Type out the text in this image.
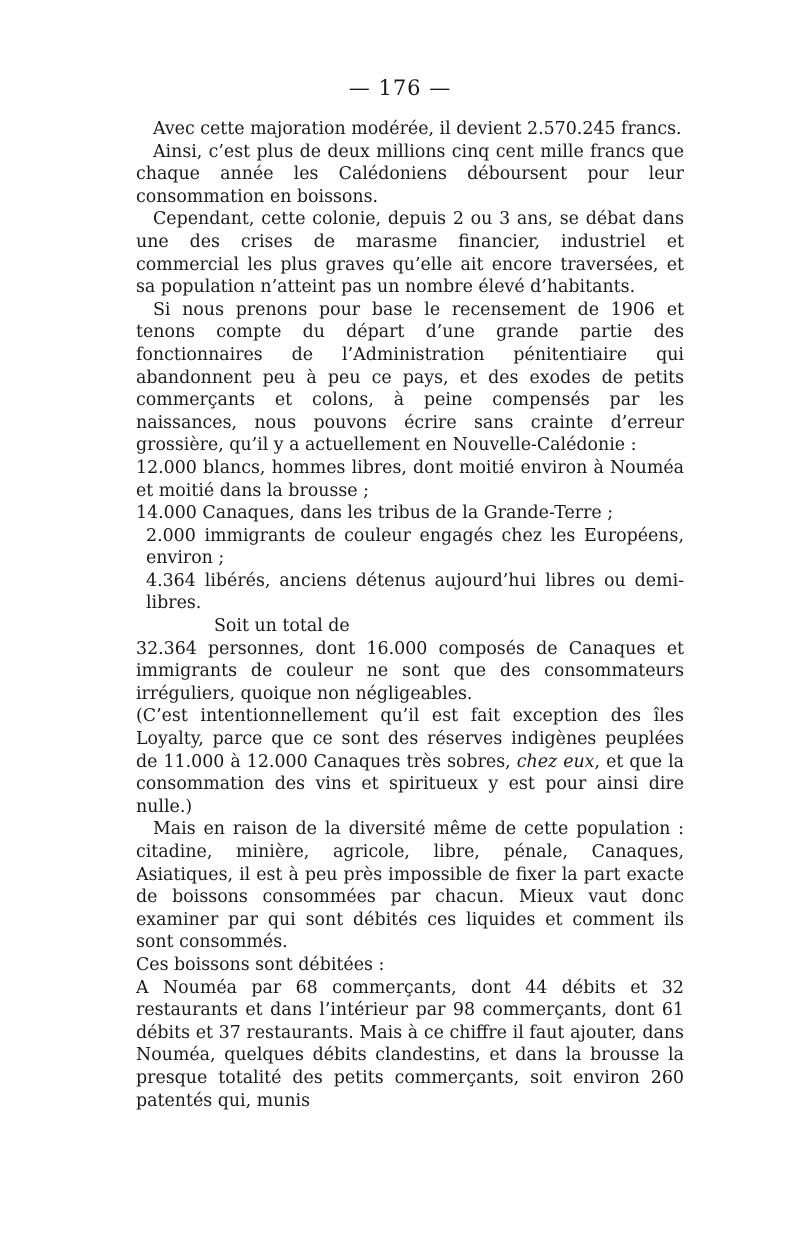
— 176 —

Avec cette majoration modérée, il devient 2.570.245 francs.

Ainsi, c’est plus de deux millions cinq cent mille francs que chaque année les Calédoniens déboursent pour leur consommation en boissons.

Cependant, cette colonie, depuis 2 ou 3 ans, se débat dans une des crises de marasme financier, industriel et commercial les plus graves qu’elle ait encore traversées, et sa population n’atteint pas un nombre élevé d’habitants.

Si nous prenons pour base le recensement de 1906 et tenons compte du départ d’une grande partie des fonctionnaires de l’Administration pénitentiaire qui abandonnent peu à peu ce pays, et des exodes de petits commerçants et colons, à peine compensés par les naissances, nous pouvons écrire sans crainte d’erreur grossière, qu’il y a actuellement en Nouvelle-Calédonie :

12.000 blancs, hommes libres, dont moitié environ à Nouméa et moitié dans la brousse ;

14.000 Canaques, dans les tribus de la Grande-Terre ;

2.000 immigrants de couleur engagés chez les Européens, environ ;

4.364 libérés, anciens détenus aujourd’hui libres ou demi-libres.

Soit un total de

32.364 personnes, dont 16.000 composés de Canaques et immigrants de couleur ne sont que des consommateurs irréguliers, quoique non négligeables.

(C’est intentionnellement qu’il est fait exception des îles Loyalty, parce que ce sont des réserves indigènes peuplées de 11.000 à 12.000 Canaques très sobres, chez eux, et que la consommation des vins et spiritueux y est pour ainsi dire nulle.)

Mais en raison de la diversité même de cette population : citadine, minière, agricole, libre, pénale, Canaques, Asiatiques, il est à peu près impossible de fixer la part exacte de boissons consommées par chacun. Mieux vaut donc examiner par qui sont débités ces liquides et comment ils sont consommés.

Ces boissons sont débitées :

A Nouméa par 68 commerçants, dont 44 débits et 32 restaurants et dans l’intérieur par 98 commerçants, dont 61 débits et 37 restaurants. Mais à ce chiffre il faut ajouter, dans Nouméa, quelques débits clandestins, et dans la brousse la presque totalité des petits commerçants, soit environ 260 patentés qui, munis
